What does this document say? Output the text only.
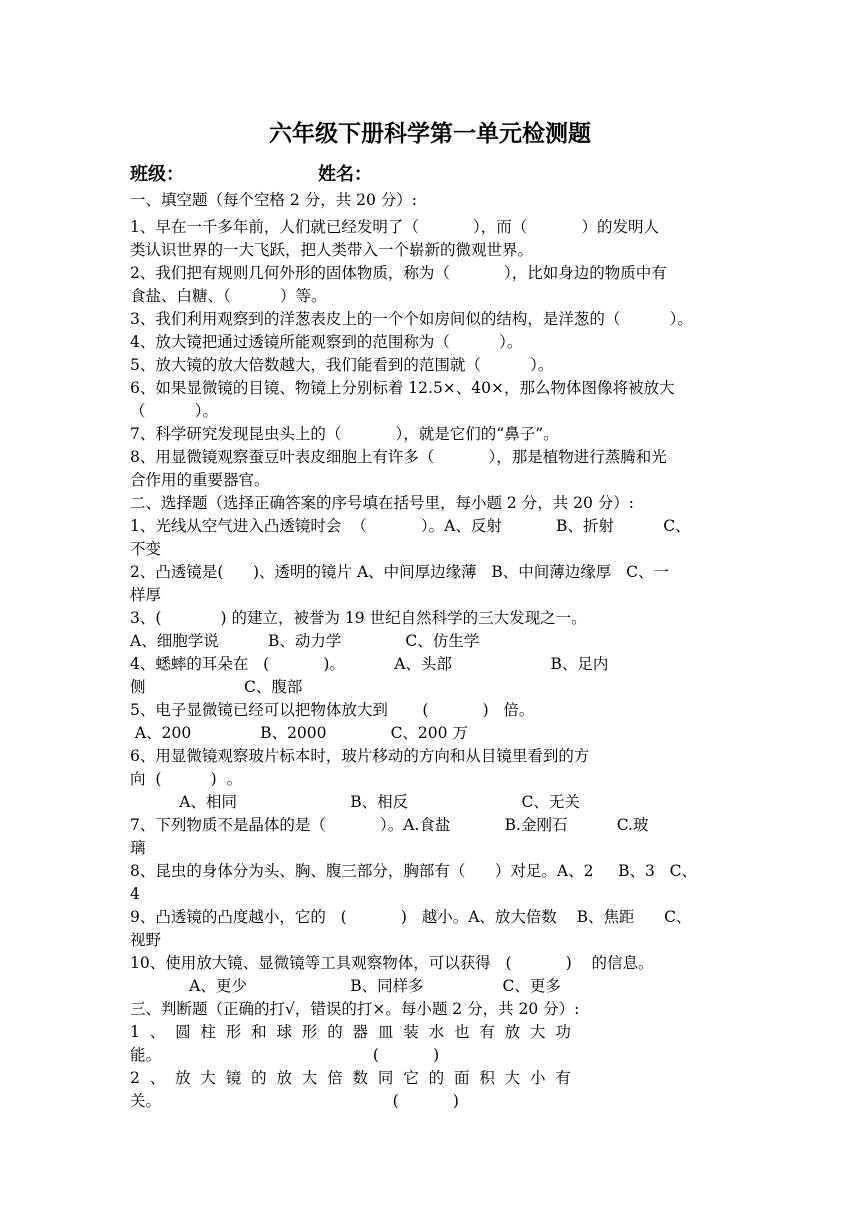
六年级下册科学第一单元检测题
班级：	姓名：
一、填空题（每个空格 2 分，共 20 分）:
1、早在一千多年前，人们就已经发明了（           ），而（           ）的发明人
类认识世界的一大飞跃，把人类带入一个崭新的微观世界。
2、我们把有规则几何外形的固体物质，称为（           ），比如身边的物质中有
食盐、白糖、（          ）等。
3、我们利用观察到的洋葱表皮上的一个个如房间似的结构，是洋葱的（          ）。
4、放大镜把通过透镜所能观察到的范围称为（          ）。
5、放大镜的放大倍数越大，我们能看到的范围就（          ）。
6、如果显微镜的目镜、物镜上分别标着 12.5×、40×，那么物体图像将被放大
（          ）。
7、科学研究发现昆虫头上的（           ），就是它们的“鼻子”。
8、用显微镜观察蚕豆叶表皮细胞上有许多（           ），那是植物进行蒸腾和光
合作用的重要器官。
二、选择题（选择正确答案的序号填在括号里，每小题 2 分，共 20 分）:
1、光线从空气进入凸透镜时会  （           ）。A、反射           B、折射          C、
不变
2、凸透镜是(      )、透明的镜片 A、中间厚边缘薄   B、中间薄边缘厚   C、一
样厚
3、(            ) 的建立，被誉为 19 世纪自然科学的三大发现之一。
A、细胞学说          B、动力学             C、仿生学
4、蟋蟀的耳朵在   (           )。          A、头部                    B、足内
侧                    C、腹部
5、电子显微镜已经可以把物体放大到       (           )   倍。
A、200              B、2000             C、200 万
6、用显微镜观察玻片标本时，玻片移动的方向和从目镜里看到的方
向  (          )  。
A、相同                       B、相反                       C、无关
7、下列物质不是晶体的是（           ）。A.食盐           B.金刚石          C.玻
璃
8、昆虫的身体分为头、胸、腹三部分，胸部有（      ）对足。A、2     B、3   C、
4
9、凸透镜的凸度越小，它的   (           )   越小。A、放大倍数    B、焦距      C、
视野
10、使用放大镜、显微镜等工具观察物体，可以获得   (           )    的信息。
A、更少                     B、同样多                C、更多
三、判断题（正确的打√，错误的打×。每小题 2 分，共 20 分）:
1  、  圆  柱  形  和  球  形  的  器  皿  装  水  也  有  放  大  功
能。                                           (           )
2  、  放  大  镜  的  放  大  倍  数  同  它  的  面  积  大  小  有
关。                                               (           )
